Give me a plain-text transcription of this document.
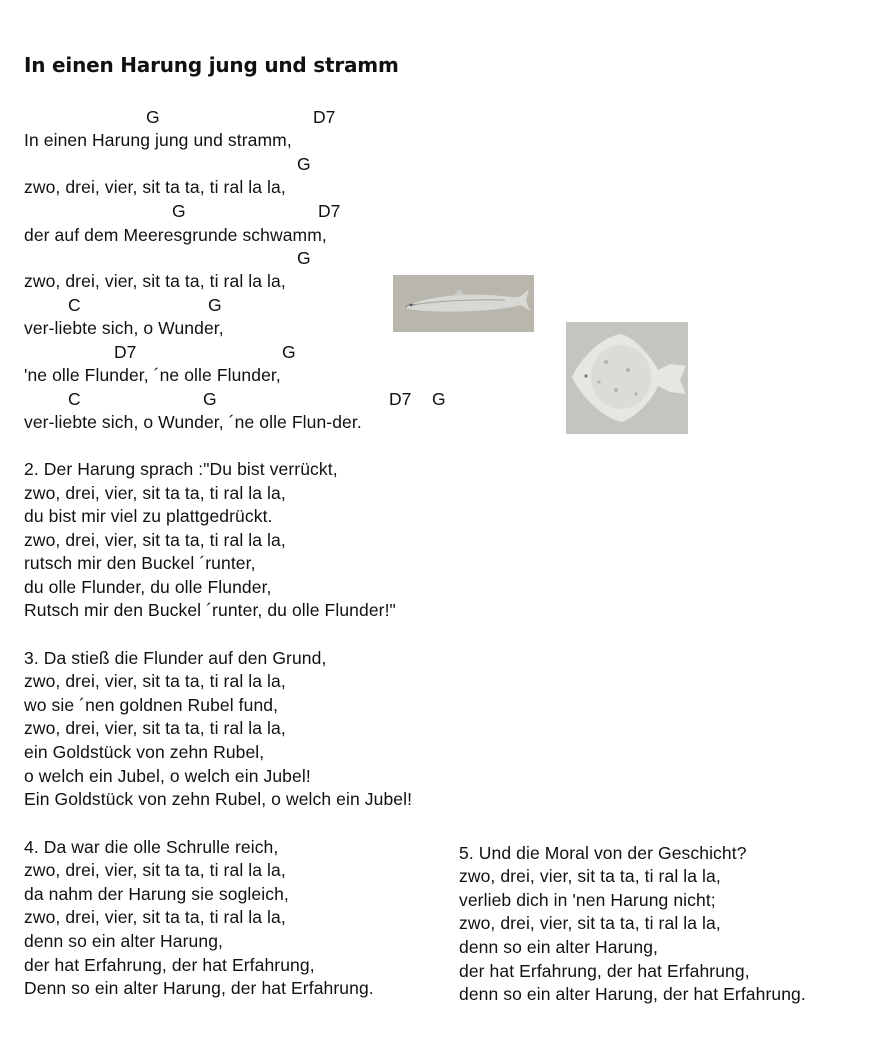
In einen Harung jung und stramm
G	D7
In einen Harung jung und stramm,
G
zwo, drei, vier, sit ta ta, ti ral la la,
G	D7
der auf dem Meeresgrunde schwamm,
G
zwo, drei, vier, sit ta ta, ti ral la la,
C	G
ver-liebte sich, o Wunder,
D7	G
'ne olle Flunder, ´ne olle Flunder,
C	G	D7 G
ver-liebte sich, o Wunder, ´ne olle Flun-der.
2. Der Harung sprach :"Du bist verrückt,
zwo, drei, vier, sit ta ta, ti ral la la,
du bist mir viel zu plattgedrückt.
zwo, drei, vier, sit ta ta, ti ral la la,
rutsch mir den Buckel ´runter,
du olle Flunder, du olle Flunder,
Rutsch mir den Buckel ´runter, du olle Flunder!"
3. Da stieß die Flunder auf den Grund,
zwo, drei, vier, sit ta ta, ti ral la la,
wo sie ´nen goldnen Rubel fund,
zwo, drei, vier, sit ta ta, ti ral la la,
ein Goldstück von zehn Rubel,
o welch ein Jubel, o welch ein Jubel!
Ein Goldstück von zehn Rubel, o welch ein Jubel!
4. Da war die olle Schrulle reich,
zwo, drei, vier, sit ta ta, ti ral la la,
da nahm der Harung sie sogleich,
zwo, drei, vier, sit ta ta, ti ral la la,
denn so ein alter Harung,
der hat Erfahrung, der hat Erfahrung,
Denn so ein alter Harung, der hat Erfahrung.
5. Und die Moral von der Geschicht?
zwo, drei, vier, sit ta ta, ti ral la la,
verlieb dich in 'nen Harung nicht;
zwo, drei, vier, sit ta ta, ti ral la la,
denn so ein alter Harung,
der hat Erfahrung, der hat Erfahrung,
denn so ein alter Harung, der hat Erfahrung.
